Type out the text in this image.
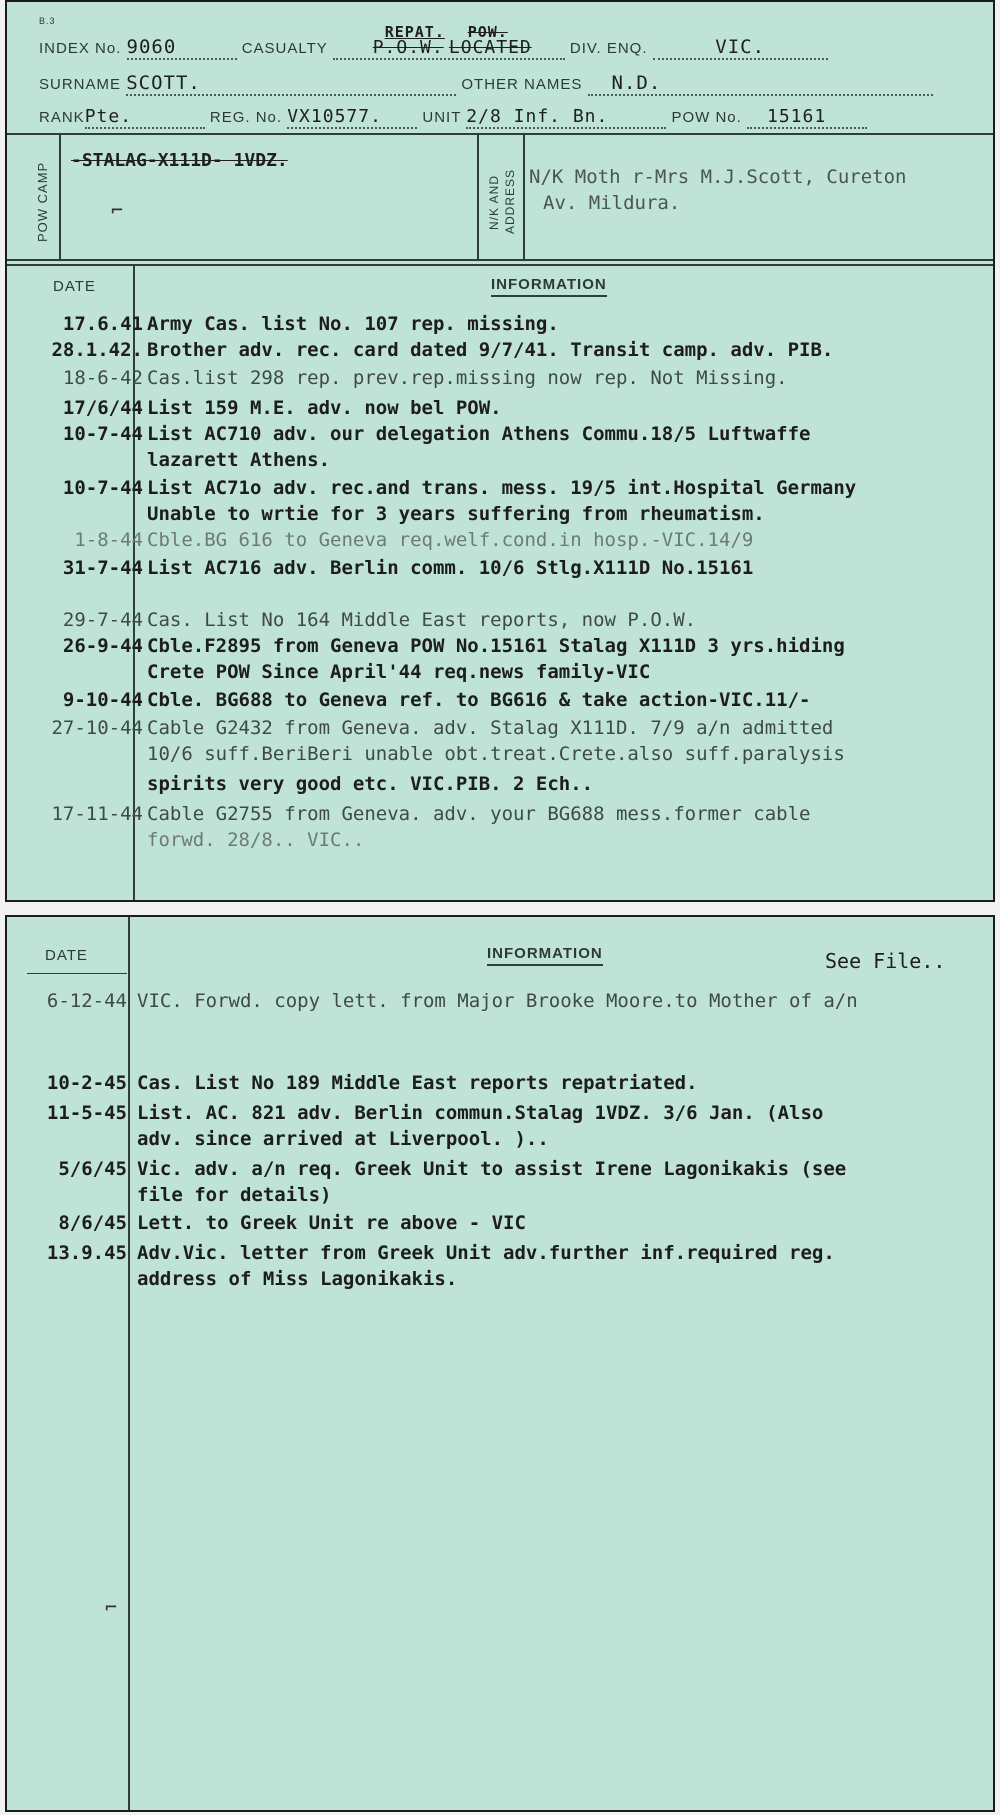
B.3
INDEX No. 9060	CASUALTY	P.O.W. LOCATED
REPAT. POW.
DIV. ENQ.	VIC.
SURNAME SCOTT.	OTHER NAMES N.D.
RANKPte.	REG. No. VX10577.	UNIT 2/8 Inf. Bn.	POW No. 15161
POW CAMP
-STALAG-X111D- 1VDZ.
⌐	N/K AND ADDRESS N/K Moth r-Mrs M.J.Scott, Cureton
Av. Mildura.
DATE	INFORMATION
17.6.41 Army Cas. list No. 107 rep. missing.
28.1.42. Brother adv. rec. card dated 9/7/41. Transit camp. adv. PIB.
18-6-42 Cas.list 298 rep. prev.rep.missing now rep. Not Missing.
17/6/44 List 159 M.E. adv. now bel POW.
10-7-44 List AC710 adv. our delegation Athens Commu.18/5 Luftwaffe
lazarett Athens.
10-7-44 List AC71o adv. rec.and trans. mess. 19/5 int.Hospital Germany
Unable to wrtie for 3 years suffering from rheumatism.
1-8-44 Cble.BG 616 to Geneva req.welf.cond.in hosp.-VIC.14/9
31-7-44 List AC716 adv. Berlin comm. 10/6 Stlg.X111D No.15161
29-7-44 Cas. List No 164 Middle East reports, now P.O.W.
26-9-44 Cble.F2895 from Geneva POW No.15161 Stalag X111D 3 yrs.hiding
Crete POW Since April'44 req.news family-VIC
9-10-44 Cble. BG688 to Geneva ref. to BG616 & take action-VIC.11/-
27-10-44 Cable G2432 from Geneva. adv. Stalag X111D. 7/9 a/n admitted
10/6 suff.BeriBeri unable obt.treat.Crete.also suff.paralysis
spirits very good etc. VIC.PIB. 2 Ech..
17-11-44 Cable G2755 from Geneva. adv. your BG688 mess.former cable
forwd. 28/8.. VIC..
DATE	INFORMATION	See File..
⌐
6-12-44 VIC. Forwd. copy lett. from Major Brooke Moore.to Mother of a/n
10-2-45 Cas. List No 189 Middle East reports repatriated.
11-5-45 List. AC. 821 adv. Berlin commun.Stalag 1VDZ. 3/6 Jan. (Also
adv. since arrived at Liverpool. )..
5/6/45 Vic. adv. a/n req. Greek Unit to assist Irene Lagonikakis (see
file for details)
8/6/45 Lett. to Greek Unit re above - VIC
13.9.45 Adv.Vic. letter from Greek Unit adv.further inf.required reg.
address of Miss Lagonikakis.
